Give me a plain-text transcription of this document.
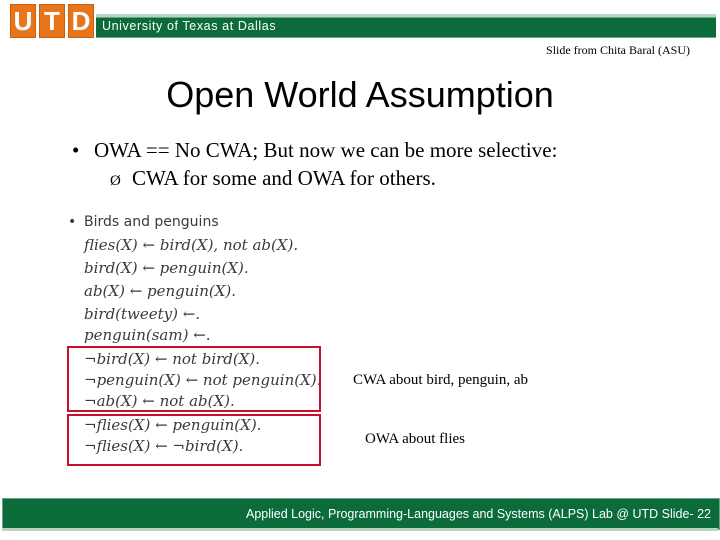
U T D University of Texas at Dallas
Slide from Chita Baral (ASU)
Open World Assumption
• OWA == No CWA; But now we can be more selective:
Ø CWA for some and OWA for others.
• Birds and penguins
flies(X) ← bird(X), not ab(X).
bird(X) ← penguin(X).
ab(X) ← penguin(X).
bird(tweety) ←.
penguin(sam) ←.
¬bird(X) ← not bird(X).
¬penguin(X) ← not penguin(X).
¬ab(X) ← not ab(X).
¬flies(X) ← penguin(X).
¬flies(X) ← ¬bird(X).
CWA about bird, penguin, ab
OWA about flies
Applied Logic, Programming-Languages and Systems (ALPS) Lab @ UTD Slide- 22
